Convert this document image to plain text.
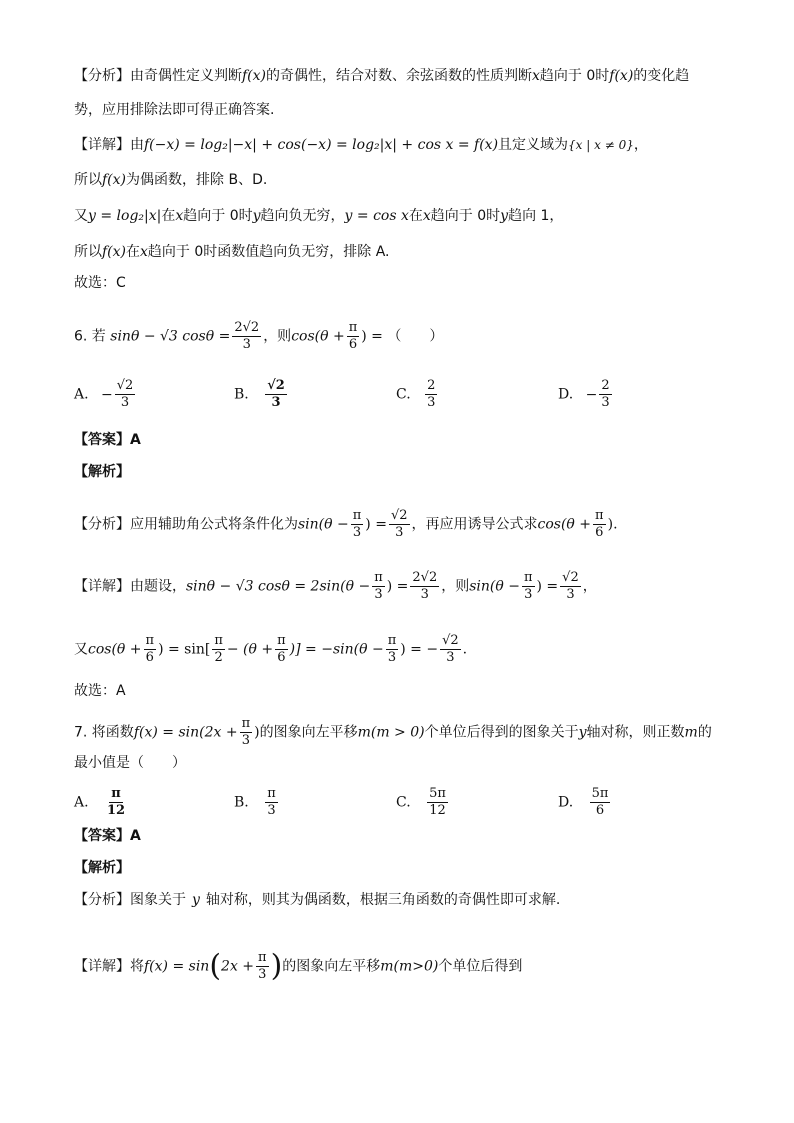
【分析】由奇偶性定义判断f(x)的奇偶性，结合对数、余弦函数的性质判断x趋向于 0时f(x)的变化趋
势，应用排除法即可得正确答案.
【详解】由f(−x) = log₂|−x| + cos(−x) = log₂|x| + cos x = f(x)且定义域为{x | x ≠ 0}，
所以f(x)为偶函数，排除 B、D.
又y = log₂|x|在x趋向于 0时y趋向负无穷，y = cos x在x趋向于 0时y趋向 1，
所以f(x)在x趋向于 0时函数值趋向负无穷，排除 A.
故选：C
6. 若 sinθ − √3 $\cos\theta = \frac{2√2}{3}$ ，则$\cos(\theta + \frac{\pi}{6}$ ) = （　　）
A. − $\frac{√2}{3}$	B. $\frac{√2}{3}$	C. $\frac{2}{3}$	D. − $\frac{2}{3}$
【答案】A
【解析】
【分析】应用辅助角公式将条件化为$\sin(\theta - \frac{\pi}{3}$ ) = $\frac{√2}{3}$ ，再应用诱导公式求$\cos(\theta + \frac{\pi}{6}$ ).
【详解】由题设，sinθ − √3 $\cos\theta = 2\sin(\theta - \frac{\pi}{3}$ ) = $\frac{2√2}{3}$ ，则$\sin(\theta - \frac{\pi}{3}$ ) = $\frac{√2}{3}$ ，
又$\cos(\theta + \frac{\pi}{6}$ ) = $\sin[ \frac{\pi}{2} - (\theta + \frac{\pi}{6}$ )] = $-\sin(\theta - \frac{\pi}{3}$ ) = − $\frac{√2}{3}$ .
故选：A
7. 将函数$f(x) = \sin(2x + \frac{\pi}{3}$ )的图象向左平移m(m > 0)个单位后得到的图象关于y轴对称，则正数m的
最小值是（　　）
A. $\frac{\pi}{12}$	B. $\frac{\pi}{3}$	C. $\frac{5\pi}{12}$	D. $\frac{5\pi}{6}$
【答案】A
【解析】
【分析】图象关于 y 轴对称，则其为偶函数，根据三角函数的奇偶性即可求解.
【详解】将$f(x) = \sin(2x + \frac{\pi}{3}$ )的图象向左平移m(m>0)个单位后得到
